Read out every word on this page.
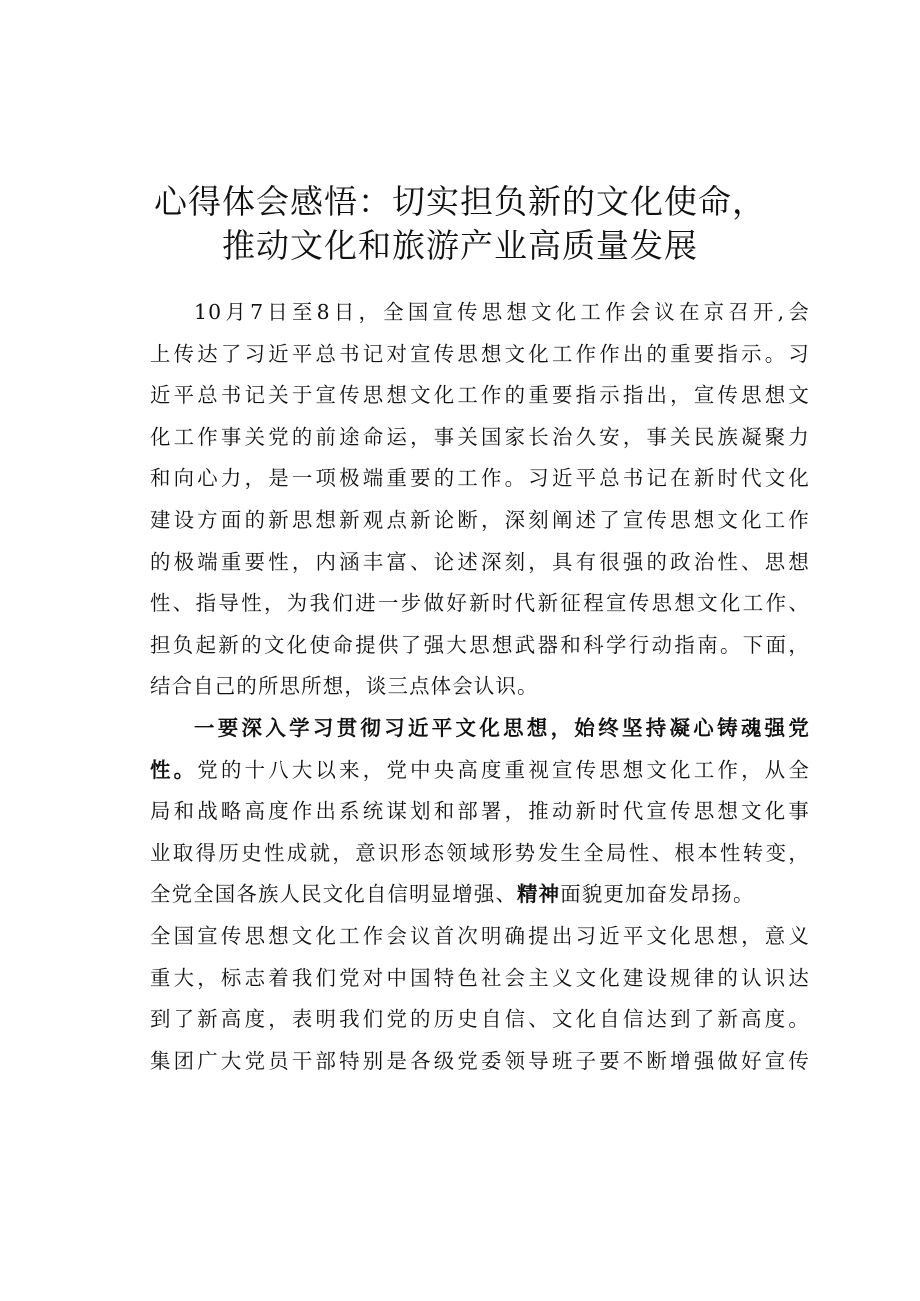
心得体会感悟：切实担负新的文化使命，
推动文化和旅游产业高质量发展
10月7日至8日，全国宣传思想文化工作会议在京召开,会
上传达了习近平总书记对宣传思想文化工作作出的重要指示。习
近平总书记关于宣传思想文化工作的重要指示指出，宣传思想文
化工作事关党的前途命运，事关国家长治久安，事关民族凝聚力
和向心力，是一项极端重要的工作。习近平总书记在新时代文化
建设方面的新思想新观点新论断，深刻阐述了宣传思想文化工作
的极端重要性，内涵丰富、论述深刻，具有很强的政治性、思想
性、指导性，为我们进一步做好新时代新征程宣传思想文化工作、
担负起新的文化使命提供了强大思想武器和科学行动指南。下面，
结合自己的所思所想，谈三点体会认识。
一要深入学习贯彻习近平文化思想，始终坚持凝心铸魂强党
性。党的十八大以来，党中央高度重视宣传思想文化工作，从全
局和战略高度作出系统谋划和部署，推动新时代宣传思想文化事
业取得历史性成就，意识形态领域形势发生全局性、根本性转变，
全党全国各族人民文化自信明显增强、精神面貌更加奋发昂扬。
全国宣传思想文化工作会议首次明确提出习近平文化思想，意义
重大，标志着我们党对中国特色社会主义文化建设规律的认识达
到了新高度，表明我们党的历史自信、文化自信达到了新高度。
集团广大党员干部特别是各级党委领导班子要不断增强做好宣传
